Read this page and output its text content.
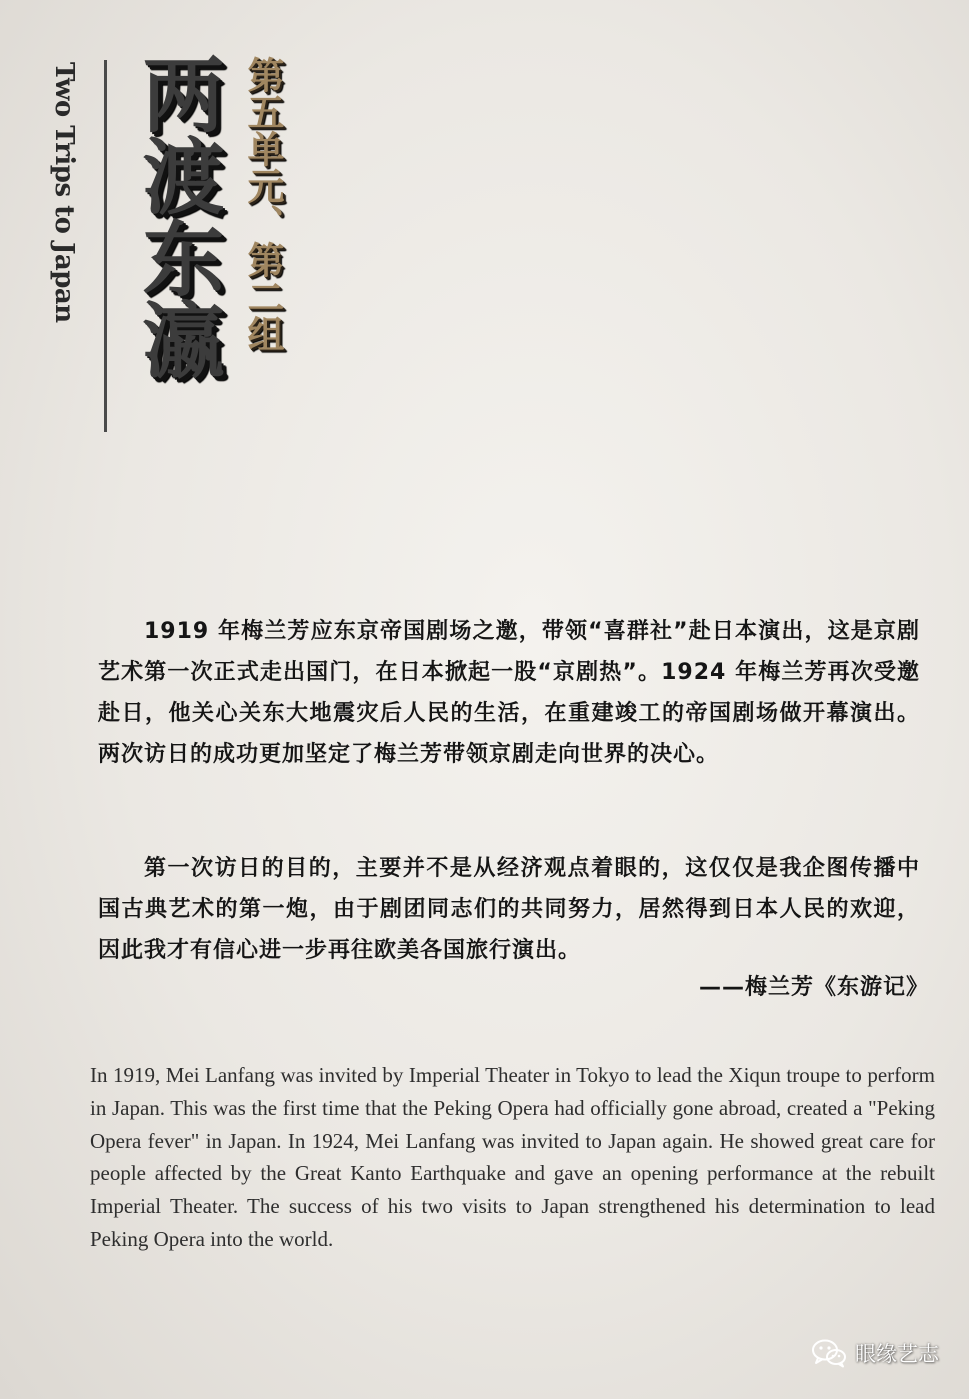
Two Trips to Japan 两渡东瀛 第五单元、第二组

1919 年梅兰芳应东京帝国剧场之邀，带领“喜群社”赴日本演出，这是京剧艺术第一次正式走出国门，在日本掀起一股“京剧热”。1924 年梅兰芳再次受邀赴日，他关心关东大地震灾后人民的生活，在重建竣工的帝国剧场做开幕演出。两次访日的成功更加坚定了梅兰芳带领京剧走向世界的决心。

第一次访日的目的，主要并不是从经济观点着眼的，这仅仅是我企图传播中国古典艺术的第一炮，由于剧团同志们的共同努力，居然得到日本人民的欢迎，因此我才有信心进一步再往欧美各国旅行演出。

——梅兰芳《东游记》

In 1919, Mei Lanfang was invited by Imperial Theater in Tokyo to lead the Xiqun troupe to perform in Japan. This was the first time that the Peking Opera had officially gone abroad, created a "Peking Opera fever" in Japan. In 1924, Mei Lanfang was invited to Japan again. He showed great care for people affected by the Great Kanto Earthquake and gave an opening performance at the rebuilt Imperial Theater. The success of his two visits to Japan strengthened his determination to lead Peking Opera into the world.

眼缘艺志
